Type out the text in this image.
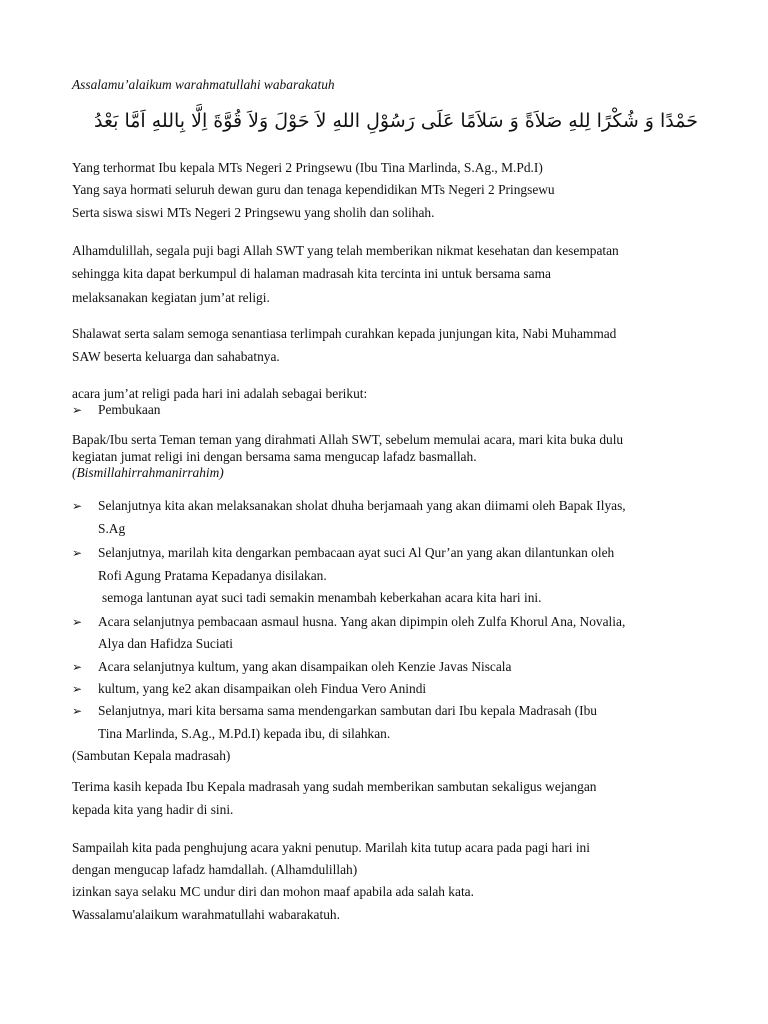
Assalamu’alaikum warahmatullahi wabarakatuh
حَمْدًا وَ شُكْرًا لِلهِ صَلاَةً وَ سَلاَمًا عَلَى رَسُوْلِ اللهِ لاَ حَوْلَ وَلاَ قُوَّةَ اِلَّا بِاللهِ اَمَّا بَعْدُ
Yang terhormat Ibu kepala MTs Negeri 2 Pringsewu (Ibu Tina Marlinda, S.Ag., M.Pd.I)
Yang saya hormati seluruh dewan guru dan tenaga kependidikan MTs Negeri 2 Pringsewu
Serta siswa siswi MTs Negeri 2 Pringsewu yang sholih dan solihah.
Alhamdulillah, segala puji bagi Allah SWT yang telah memberikan nikmat kesehatan dan kesempatan
sehingga kita dapat berkumpul di halaman madrasah kita tercinta ini untuk bersama sama
melaksanakan kegiatan jum’at religi.
Shalawat serta salam semoga senantiasa terlimpah curahkan kepada junjungan kita, Nabi Muhammad
SAW beserta keluarga dan sahabatnya.
acara jum’at religi pada hari ini adalah sebagai berikut:
➢ Pembukaan
Bapak/Ibu serta Teman teman yang dirahmati Allah SWT, sebelum memulai acara, mari kita buka dulu
kegiatan jumat religi ini dengan bersama sama mengucap lafadz basmallah.
(Bismillahirrahmanirrahim)
➢ Selanjutnya kita akan melaksanakan sholat dhuha berjamaah yang akan diimami oleh Bapak Ilyas,
S.Ag
➢ Selanjutnya, marilah kita dengarkan pembacaan ayat suci Al Qur’an yang akan dilantunkan oleh
Rofi Agung Pratama Kepadanya disilakan.
semoga lantunan ayat suci tadi semakin menambah keberkahan acara kita hari ini.
➢ Acara selanjutnya pembacaan asmaul husna. Yang akan dipimpin oleh Zulfa Khorul Ana, Novalia,
Alya dan Hafidza Suciati
➢ Acara selanjutnya kultum, yang akan disampaikan oleh Kenzie Javas Niscala
➢ kultum, yang ke2 akan disampaikan oleh Findua Vero Anindi
➢ Selanjutnya, mari kita bersama sama mendengarkan sambutan dari Ibu kepala Madrasah (Ibu
Tina Marlinda, S.Ag., M.Pd.I) kepada ibu, di silahkan.
(Sambutan Kepala madrasah)
Terima kasih kepada Ibu Kepala madrasah yang sudah memberikan sambutan sekaligus wejangan
kepada kita yang hadir di sini.
Sampailah kita pada penghujung acara yakni penutup. Marilah kita tutup acara pada pagi hari ini
dengan mengucap lafadz hamdallah. (Alhamdulillah)
izinkan saya selaku MC undur diri dan mohon maaf apabila ada salah kata.
Wassalamu'alaikum warahmatullahi wabarakatuh.
